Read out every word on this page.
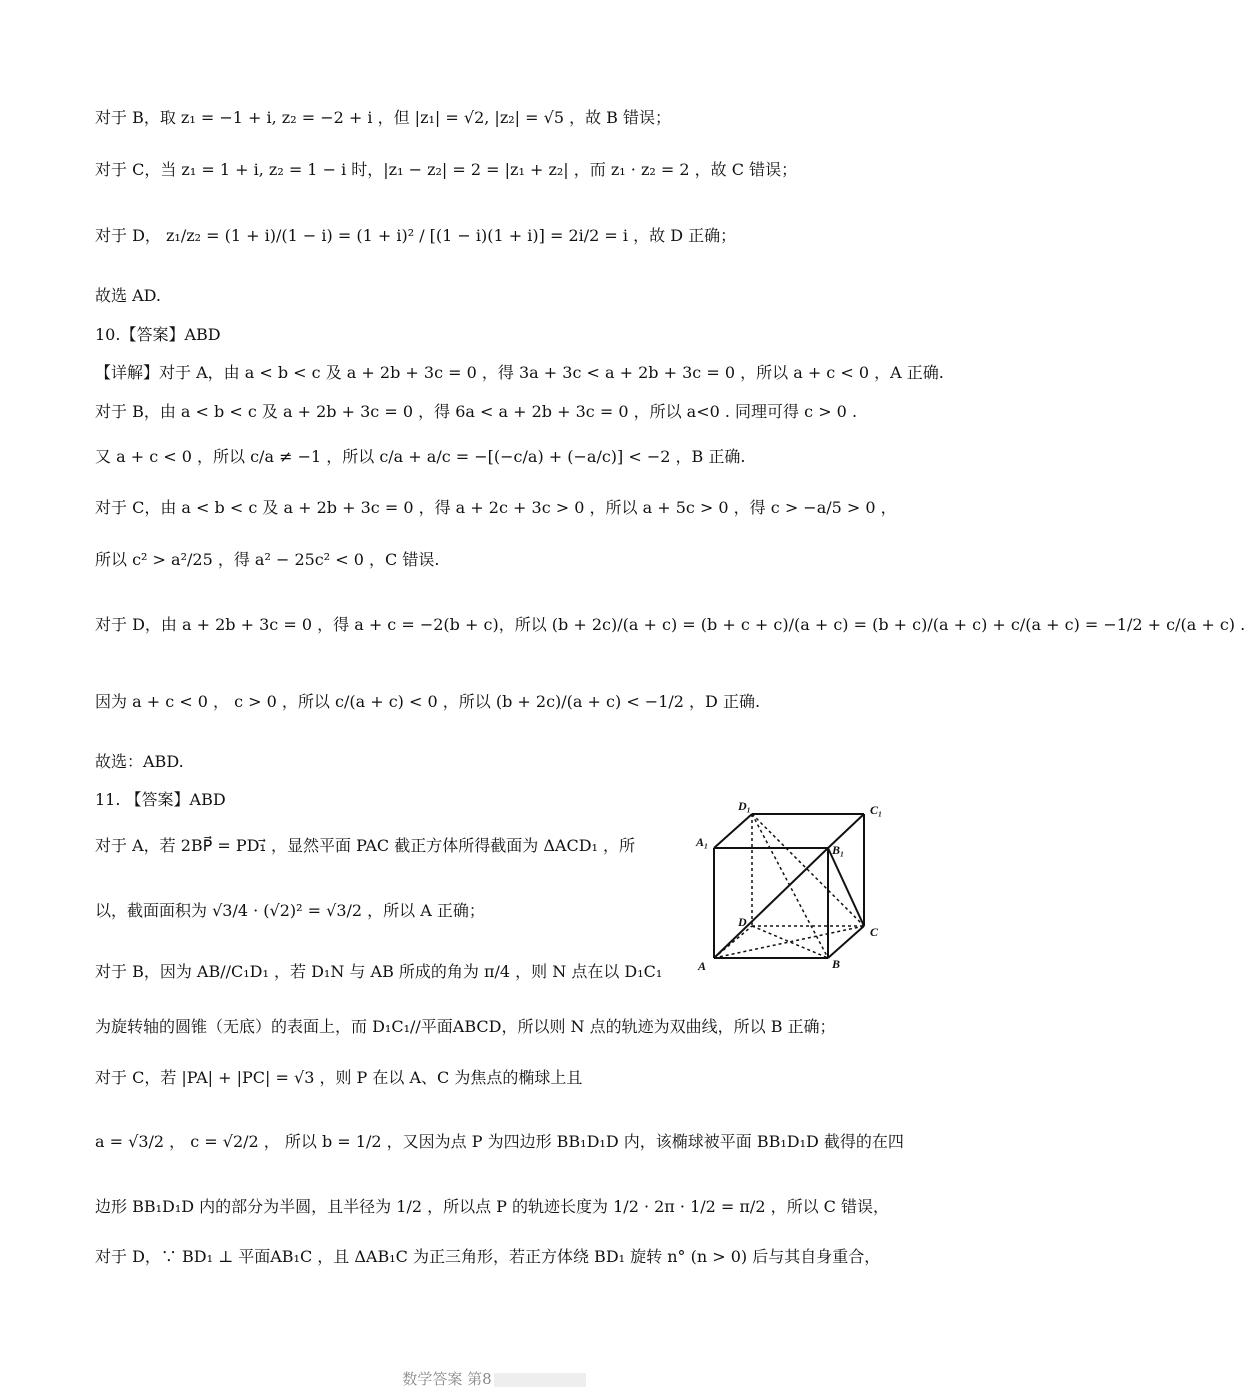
对于 B，取 z₁ = −1 + i, z₂ = −2 + i ，但 |z₁| = √2, |z₂| = √5 ，故 B 错误；
对于 C，当 z₁ = 1 + i, z₂ = 1 − i 时，|z₁ − z₂| = 2 = |z₁ + z₂| ，而 z₁ · z₂ = 2 ，故 C 错误；
对于 D， z₁/z₂ = (1 + i)/(1 − i) = (1 + i)² / [(1 − i)(1 + i)] = 2i/2 = i ，故 D 正确；
故选 AD.
10.【答案】ABD
【详解】对于 A，由 a < b < c 及 a + 2b + 3c = 0 ，得 3a + 3c < a + 2b + 3c = 0 ，所以 a + c < 0 ，A 正确.
对于 B，由 a < b < c 及 a + 2b + 3c = 0 ，得 6a < a + 2b + 3c = 0 ，所以 a<0 . 同理可得 c > 0 .
又 a + c < 0 ，所以 c/a ≠ −1 ，所以 c/a + a/c = −[(−c/a) + (−a/c)] < −2 ，B 正确.
对于 C，由 a < b < c 及 a + 2b + 3c = 0 ，得 a + 2c + 3c > 0 ，所以 a + 5c > 0 ，得 c > −a/5 > 0 ，
所以 c² > a²/25 ，得 a² − 25c² < 0 ，C 错误.
对于 D，由 a + 2b + 3c = 0 ，得 a + c = −2(b + c)，所以 (b + 2c)/(a + c) = (b + c + c)/(a + c) = (b + c)/(a + c) + c/(a + c) = −1/2 + c/(a + c) .
因为 a + c < 0 ， c > 0 ，所以 c/(a + c) < 0 ，所以 (b + 2c)/(a + c) < −1/2 ，D 正确.
故选：ABD.
11. 【答案】ABD
对于 A，若 2BP⃗ = PD₁⃗ ，显然平面 PAC 截正方体所得截面为 ΔACD₁ ，所
以，截面面积为 √3/4 · (√2)² = √3/2 ，所以 A 正确；
对于 B，因为 AB//C₁D₁ ，若 D₁N 与 AB 所成的角为 π/4 ，则 N 点在以 D₁C₁
为旋转轴的圆锥（无底）的表面上，而 D₁C₁//平面ABCD，所以则 N 点的轨迹为双曲线，所以 B 正确；
对于 C，若 |PA| + |PC| = √3 ，则 P 在以 A、C 为焦点的椭球上且
a = √3/2 ， c = √2/2 ， 所以 b = 1/2 ，又因为点 P 为四边形 BB₁D₁D 内，该椭球被平面 BB₁D₁D 截得的在四
边形 BB₁D₁D 内的部分为半圆，且半径为 1/2 ，所以点 P 的轨迹长度为 1/2 · 2π · 1/2 = π/2 ，所以 C 错误，
对于 D，∵ BD₁ ⊥ 平面AB₁C ，且 ΔAB₁C 为正三角形，若正方体绕 BD₁ 旋转 n° (n > 0) 后与其自身重合，
D₁	C₁
A₁
B₁
D
C
A	B
数学答案 第8
